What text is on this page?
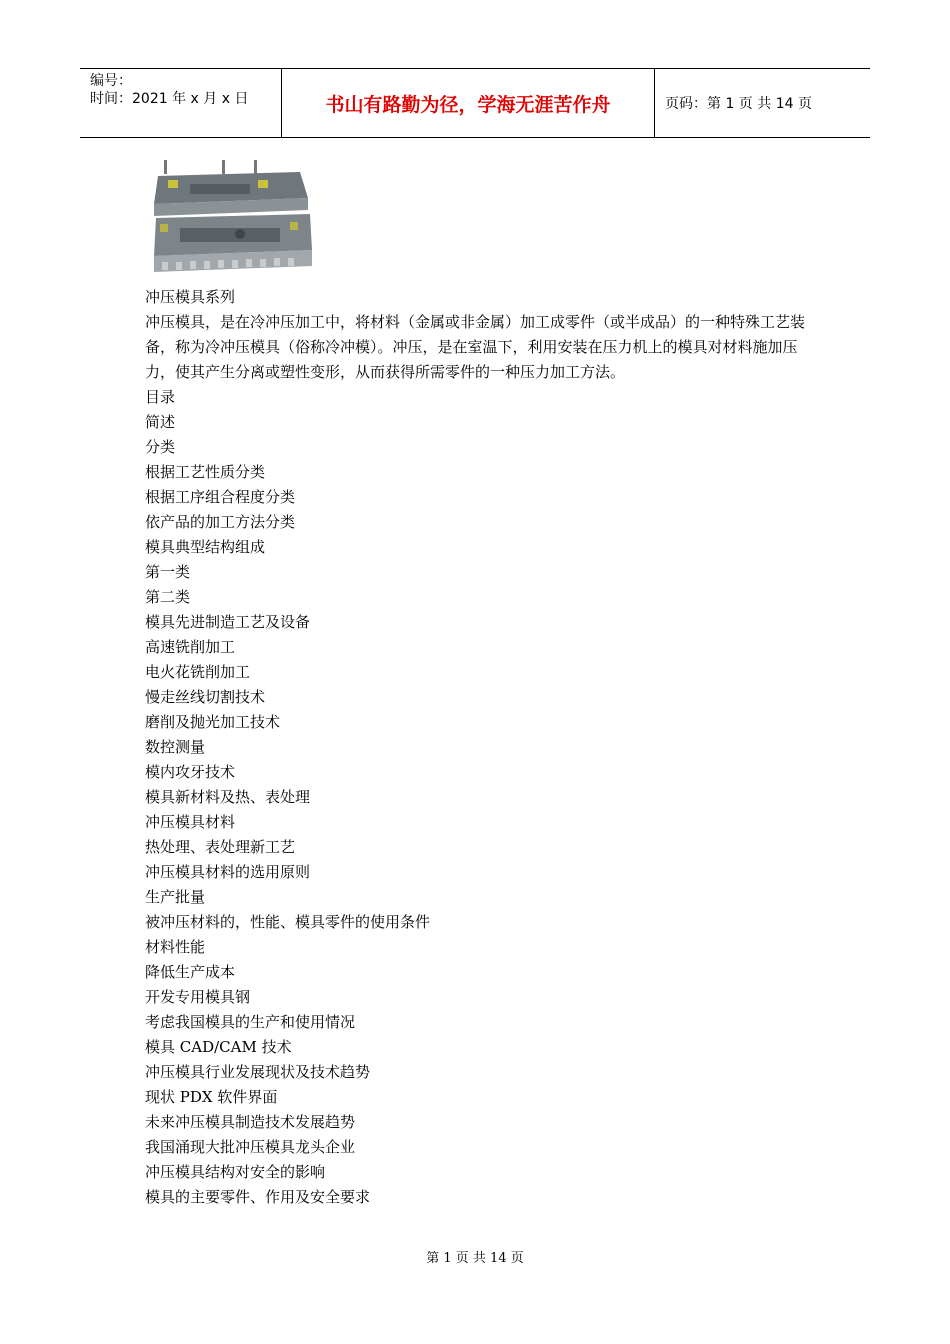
编号：
时间：2021 年 x 月 x 日	书山有路勤为径，学海无涯苦作舟	页码：第 1 页 共 14 页
冲压模具系列
冲压模具，是在冷冲压加工中，将材料（金属或非金属）加工成零件（或半成品）的一种特殊工艺装备，称为冷冲压模具（俗称冷冲模）。冲压，是在室温下，利用安装在压力机上的模具对材料施加压力，使其产生分离或塑性变形，从而获得所需零件的一种压力加工方法。
目录
简述
分类
根据工艺性质分类
根据工序组合程度分类
依产品的加工方法分类
模具典型结构组成
第一类
第二类
模具先进制造工艺及设备
高速铣削加工
电火花铣削加工
慢走丝线切割技术
磨削及抛光加工技术
数控测量
模内攻牙技术
模具新材料及热、表处理
冲压模具材料
热处理、表处理新工艺
冲压模具材料的选用原则
生产批量
被冲压材料的，性能、模具零件的使用条件
材料性能
降低生产成本
开发专用模具钢
考虑我国模具的生产和使用情况
模具 CAD/CAM 技术
冲压模具行业发展现状及技术趋势
现状 PDX 软件界面
未来冲压模具制造技术发展趋势
我国涌现大批冲压模具龙头企业
冲压模具结构对安全的影响
模具的主要零件、作用及安全要求
第 1 页 共 14 页
